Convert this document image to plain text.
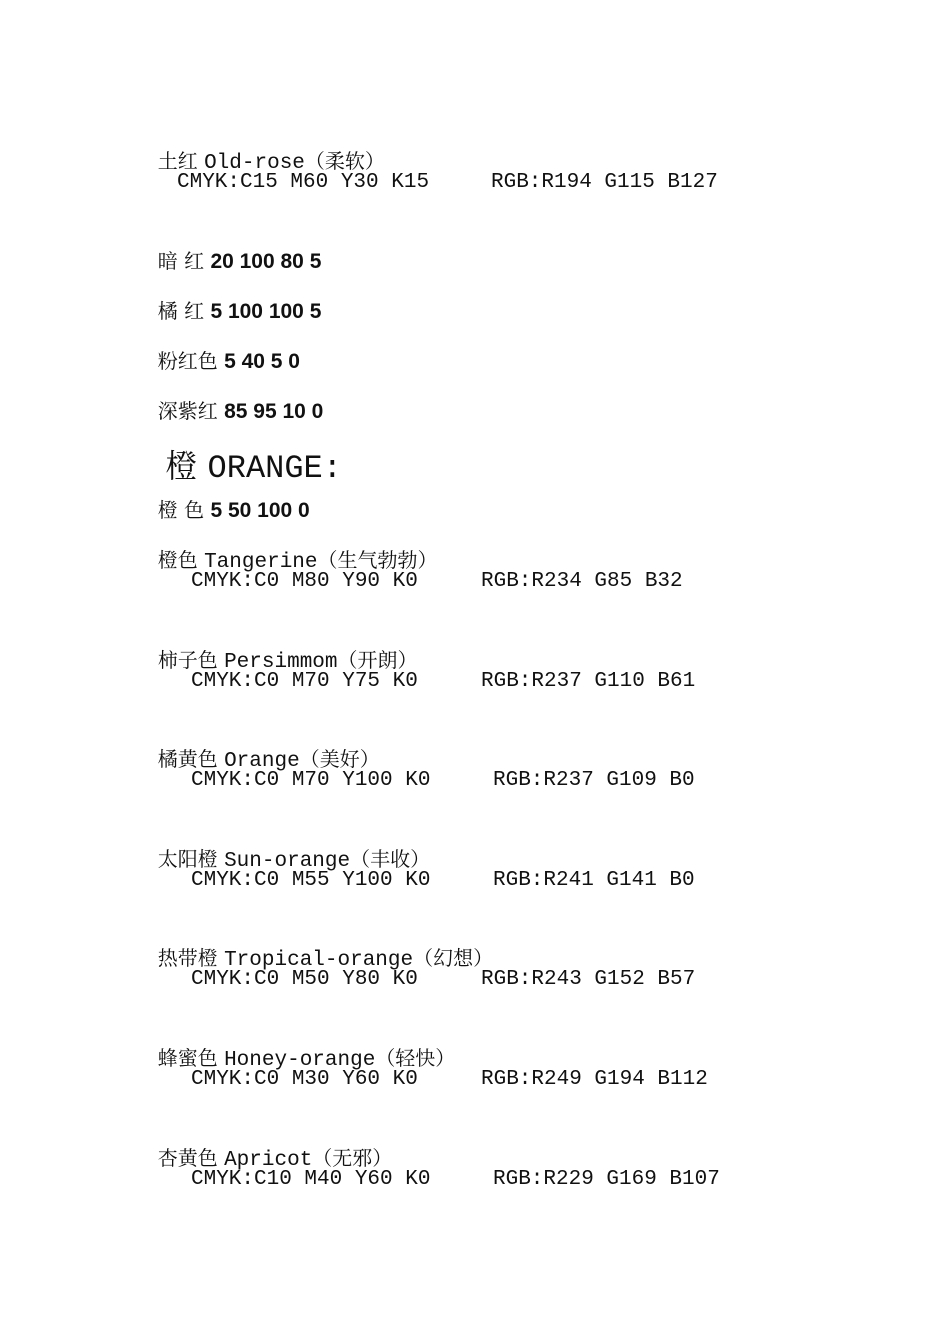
土红 Old-rose（柔软）

CMYK:C15 M60 Y30 K15	RGB:R194 G115 B127

暗 红 20 100 80 5

橘 红 5 100 100 5

粉红色 5 40 5 0

深紫红 85 95 10 0

橙 ORANGE:

橙 色 5 50 100 0

橙色 Tangerine（生气勃勃）

CMYK:C0 M80 Y90 K0	RGB:R234 G85 B32

柿子色 Persimmom（开朗）

CMYK:C0 M70 Y75 K0	RGB:R237 G110 B61

橘黄色 Orange（美好）

CMYK:C0 M70 Y100 K0	RGB:R237 G109 B0

太阳橙 Sun-orange（丰收）

CMYK:C0 M55 Y100 K0	RGB:R241 G141 B0

热带橙 Tropical-orange（幻想）

CMYK:C0 M50 Y80 K0	RGB:R243 G152 B57

蜂蜜色 Honey-orange（轻快）

CMYK:C0 M30 Y60 K0	RGB:R249 G194 B112

杏黄色 Apricot（无邪）

CMYK:C10 M40 Y60 K0	RGB:R229 G169 B107
